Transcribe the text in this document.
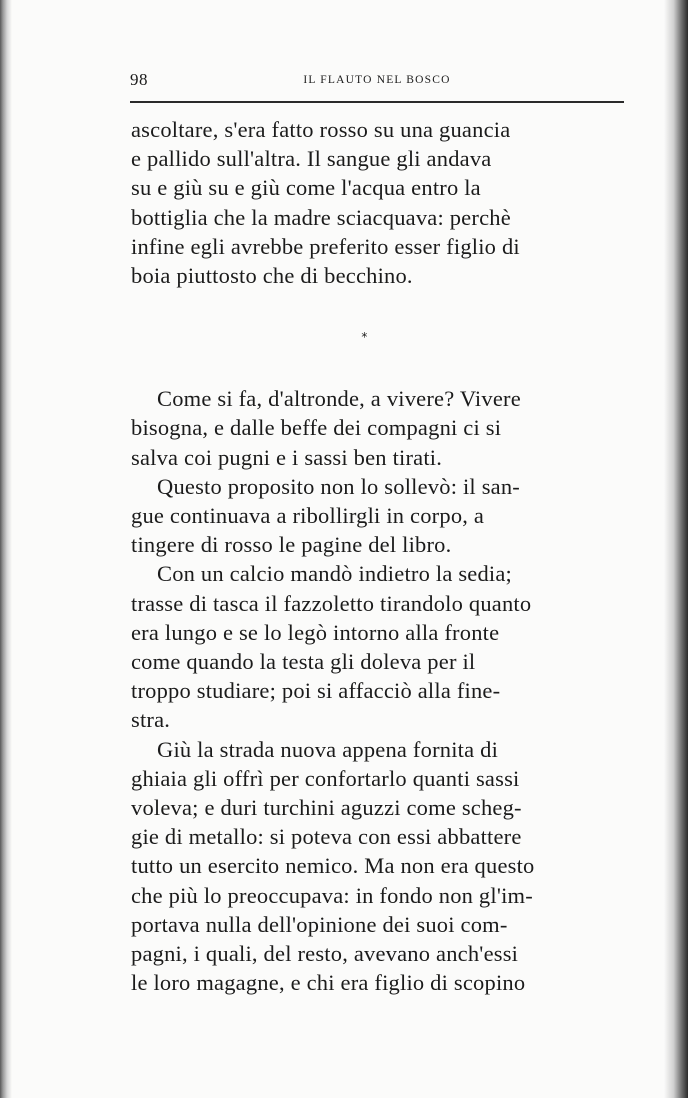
98	IL FLAUTO NEL BOSCO

ascoltare, s'era fatto rosso su una guancia
e pallido sull'altra. Il sangue gli andava
su e giù su e giù come l'acqua entro la
bottiglia che la madre sciacquava: perchè
infine egli avrebbe preferito esser figlio di
boia piuttosto che di becchino.

*

Come si fa, d'altronde, a vivere? Vivere
bisogna, e dalle beffe dei compagni ci si
salva coi pugni e i sassi ben tirati.

Questo proposito non lo sollevò: il san-
gue continuava a ribollirgli in corpo, a
tingere di rosso le pagine del libro.

Con un calcio mandò indietro la sedia;
trasse di tasca il fazzoletto tirandolo quanto
era lungo e se lo legò intorno alla fronte
come quando la testa gli doleva per il
troppo studiare; poi si affacciò alla fine-
stra.

Giù la strada nuova appena fornita di
ghiaia gli offrì per confortarlo quanti sassi
voleva; e duri turchini aguzzi come scheg-
gie di metallo: si poteva con essi abbattere
tutto un esercito nemico. Ma non era questo
che più lo preoccupava: in fondo non gl'im-
portava nulla dell'opinione dei suoi com-
pagni, i quali, del resto, avevano anch'essi
le loro magagne, e chi era figlio di scopino
